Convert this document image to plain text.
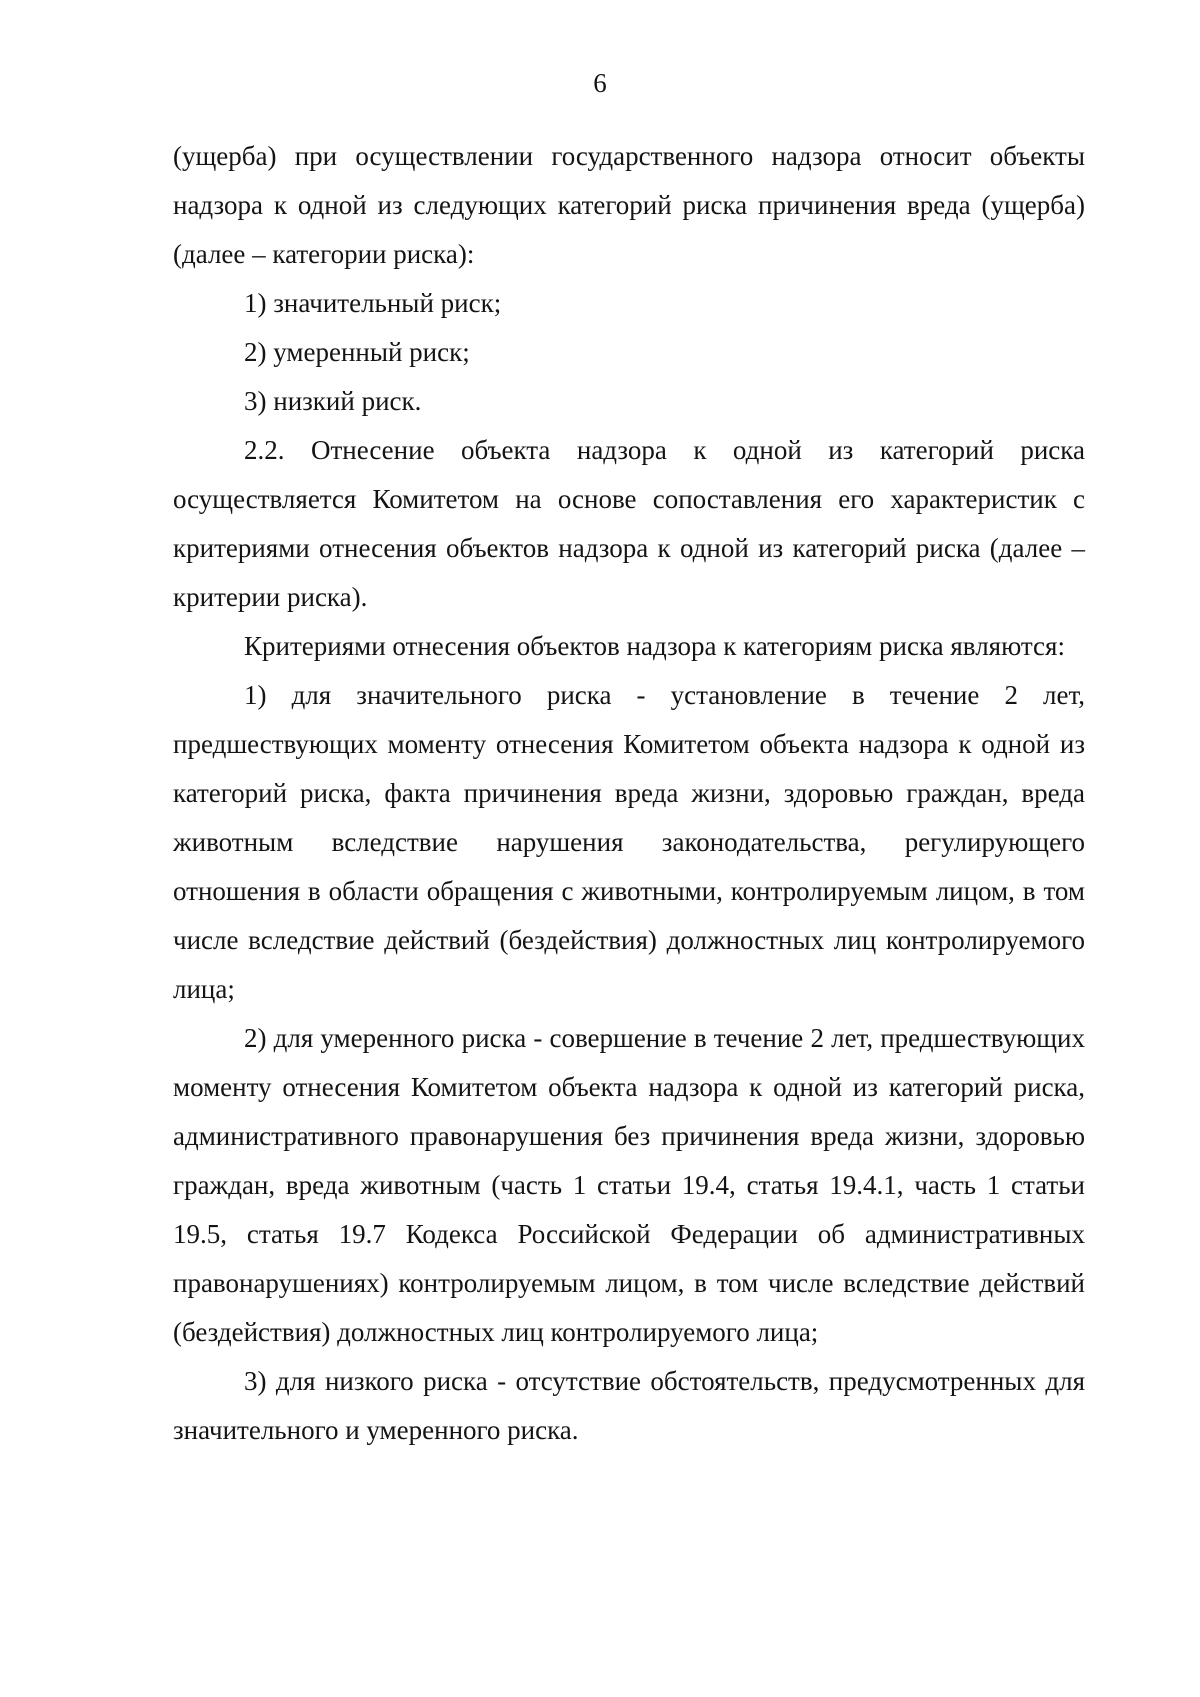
6

(ущерба) при осуществлении государственного надзора относит объекты надзора к одной из следующих категорий риска причинения вреда (ущерба) (далее – категории риска):

1) значительный риск;

2) умеренный риск;

3) низкий риск.

2.2. Отнесение объекта надзора к одной из категорий риска осуществляется Комитетом на основе сопоставления его характеристик с критериями отнесения объектов надзора к одной из категорий риска (далее – критерии риска).

Критериями отнесения объектов надзора к категориям риска являются:

1) для значительного риска - установление в течение 2 лет, предшествующих моменту отнесения Комитетом объекта надзора к одной из категорий риска, факта причинения вреда жизни, здоровью граждан, вреда животным вследствие нарушения законодательства, регулирующего отношения в области обращения с животными, контролируемым лицом, в том числе вследствие действий (бездействия) должностных лиц контролируемого лица;

2) для умеренного риска - совершение в течение 2 лет, предшествующих моменту отнесения Комитетом объекта надзора к одной из категорий риска, административного правонарушения без причинения вреда жизни, здоровью граждан, вреда животным (часть 1 статьи 19.4, статья 19.4.1, часть 1 статьи 19.5, статья 19.7 Кодекса Российской Федерации об административных правонарушениях) контролируемым лицом, в том числе вследствие действий (бездействия) должностных лиц контролируемого лица;

3) для низкого риска - отсутствие обстоятельств, предусмотренных для значительного и умеренного риска.
